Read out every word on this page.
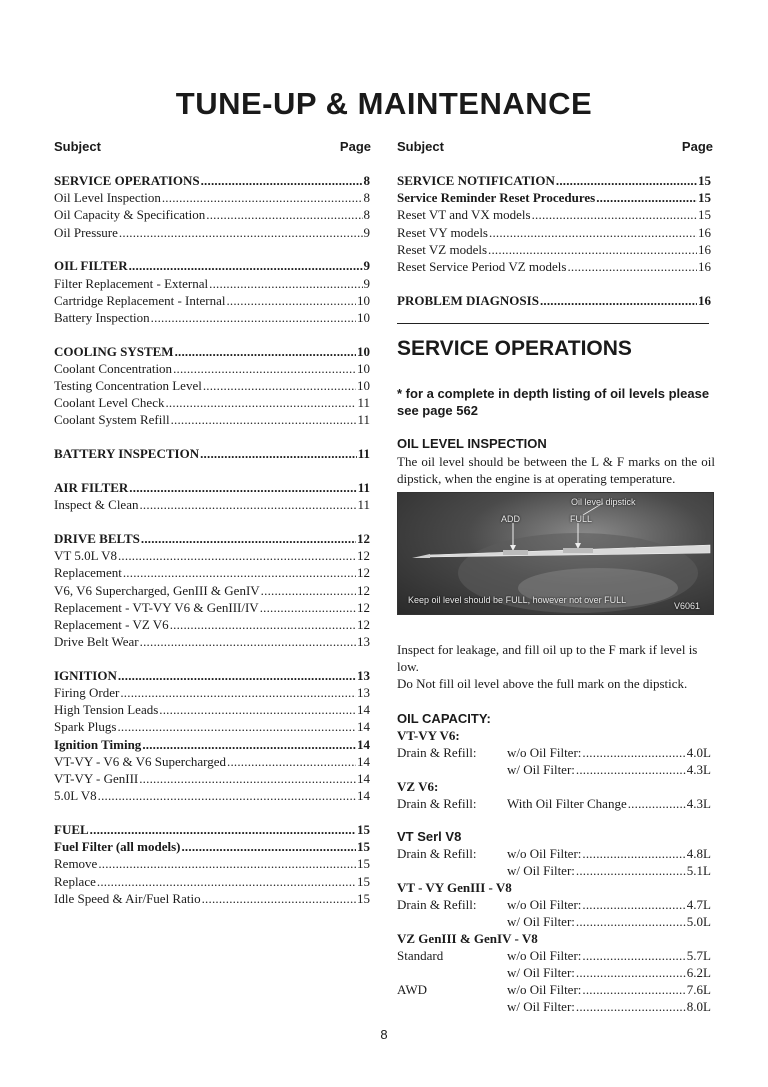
TUNE-UP & MAINTENANCE
Subject	Page Subject	Page
SERVICE OPERATIONS .....	8
Oil Level Inspection .....	8
Oil Capacity & Specification .....	8
Oil Pressure .....	9
OIL FILTER .....	9
Filter Replacement - External .....	9
Cartridge Replacement - Internal .....	10
Battery Inspection .....	10
COOLING SYSTEM .....	10
Coolant Concentration .....	10
Testing Concentration Level .....	10
Coolant Level Check .....	11
Coolant System Refill .....	11
BATTERY INSPECTION .....	11
AIR FILTER .....	11
Inspect & Clean .....	11
DRIVE BELTS .....	12
VT 5.0L V8 .....	12
Replacement .....	12
V6, V6 Supercharged, GenIII & GenIV .....	12
Replacement - VT-VY V6 & GenIII/IV .....	12
Replacement - VZ V6 .....	12
Drive Belt Wear .....	13
IGNITION .....	13
Firing Order .....	13
High Tension Leads .....	14
Spark Plugs .....	14
Ignition Timing .....	14
VT-VY - V6 & V6 Supercharged .....	14
VT-VY - GenIII .....	14
5.0L V8 .....	14
FUEL .....	15
Fuel Filter (all models) .....	15
Remove .....	15
Replace .....	15
Idle Speed & Air/Fuel Ratio .....	15
SERVICE NOTIFICATION .....	15
Service Reminder Reset Procedures .....	15
Reset VT and VX models .....	15
Reset VY models .....	16
Reset VZ models .....	16
Reset Service Period VZ models .....	16
PROBLEM DIAGNOSIS .....	16
SERVICE OPERATIONS
* for a complete in depth listing of oil levels please see page 562
OIL LEVEL INSPECTION
The oil level should be between the L & F marks on the oil dipstick, when the engine is at operating temperature.
Oil level dipstick
ADD	FULL
Keep oil level should be FULL, however not over FULL
V6061
Inspect for leakage, and fill oil up to the F mark if level is low.
Do Not fill oil level above the full mark on the dipstick.
OIL CAPACITY:
VT-VY V6:
Drain & Refill: w/o Oil Filter: .....	4.0L
w/ Oil Filter: .....	4.3L
VZ V6:
Drain & Refill: With Oil Filter Change .....	4.3L
VT Serl V8
Drain & Refill: w/o Oil Filter: .....	4.8L
w/ Oil Filter: .....	5.1L
VT - VY GenIII - V8
Drain & Refill: w/o Oil Filter: .....	4.7L
w/ Oil Filter: .....	5.0L
VZ GenIII & GenIV - V8
Standard	w/o Oil Filter: .....	5.7L
w/ Oil Filter: .....	6.2L
AWD	w/o Oil Filter: .....	7.6L
w/ Oil Filter: .....	8.0L
8
